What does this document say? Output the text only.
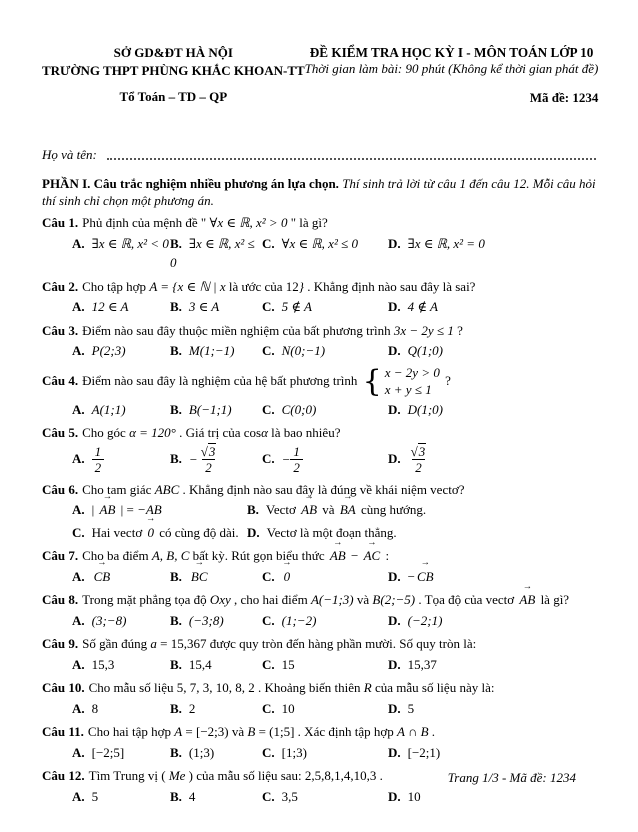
SỞ GD&ĐT HÀ NỘI
TRƯỜNG THPT PHÙNG KHẮC KHOAN-TT
Tổ Toán – TD – QP
ĐỀ KIỂM TRA HỌC KỲ I - MÔN TOÁN LỚP 10
Thời gian làm bài: 90 phút (Không kể thời gian phát đề)
Mã đề: 1234
Họ và tên:

PHẦN I. Câu trắc nghiệm nhiều phương án lựa chọn. Thí sinh trả lời từ câu 1 đến câu 12. Mỗi câu hỏi thí sinh chỉ chọn một phương án.

Câu 1. Phủ định của mệnh đề " ∀x ∈ ℝ, x² > 0 " là gì?
A. ∃x ∈ ℝ, x² < 0 B. ∃x ∈ ℝ, x² ≤ 0
C. ∀x ∈ ℝ, x² ≤ 0	D. ∃x ∈ ℝ, x² = 0
Câu 2. Cho tập hợp A = {x ∈ ℕ | x là ước của 12} . Khẳng định nào sau đây là sai?
A. 12 ∈ A	B. 3 ∈ A	C. 5 ∉ A	D. 4 ∉ A
Câu 3. Điểm nào sau đây thuộc miền nghiệm của bất phương trình 3x − 2y ≤ 1 ?
A. P(2;3)	B. M(1;−1)	C. N(0;−1)	D. Q(1;0)
Câu 4. Điểm nào sau đây là nghiệm của hệ bất phương trình { x − 2y > 0
x + y ≤ 1
?
A. A(1;1)	B. B(−1;1)	C. C(0;0)	D. D(1;0)
Câu 5. Cho góc α = 120° . Giá trị của cosα là bao nhiêu?
A. 1
2
B. − $\frac{√3}{2}$	C. − $\frac{1}{2}$	D. √3
2
Câu 6. Cho tam giác ABC . Khẳng định nào sau đây là đúng về khái niệm vectơ?
A. | AB → | = −AB	B. Vectơ AB → và BA → cùng hướng.
C. Hai vectơ 0 → có cùng độ dài. D. Vectơ là một đoạn thẳng.
Câu 7. Cho ba điểm A, B, C bất kỳ. Rút gọn biểu thức AB → − AC → :
A. CB →	B. BC →	C. 0 →	D. − CB →
Câu 8. Trong mặt phẳng tọa độ Oxy , cho hai điểm A(−1;3) và B(2;−5) . Tọa độ của vectơ AB → là gì?
A. (3;−8)	B. (−3;8)	C. (1;−2)	D. (−2;1)
Câu 9. Số gần đúng a = 15,367 được quy tròn đến hàng phần mười. Số quy tròn là:
A. 15,3	B. 15,4	C. 15	D. 15,37
Câu 10. Cho mẫu số liệu 5, 7, 3, 10, 8, 2 . Khoảng biến thiên R của mẫu số liệu này là:
A. 8	B. 2	C. 10	D. 5
Câu 11. Cho hai tập hợp A = [−2;3) và B = (1;5] . Xác định tập hợp A ∩ B .
A. [−2;5]	B. (1;3)	C. [1;3)	D. [−2;1)
Câu 12. Tìm Trung vị ( Me ) của mẫu số liệu sau: 2,5,8,1,4,10,3 .
A. 5	B. 4	C. 3,5	D. 10
Trang 1/3 - Mã đề: 1234
